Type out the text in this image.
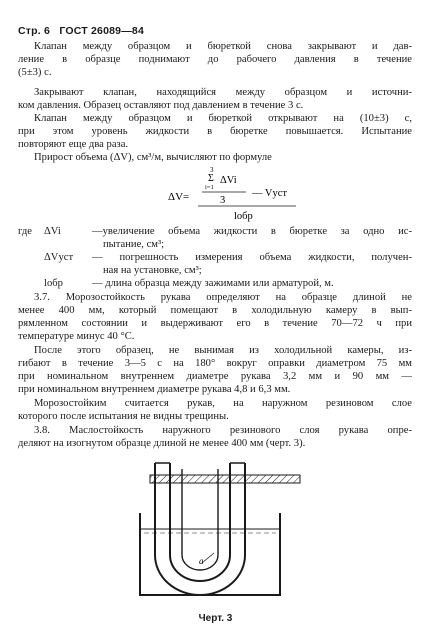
Стр. 6 ГОСТ 26089—84
Клапан между образцом и бюреткой снова закрывают и дав-
ление в образце поднимают до рабочего давления в течение
(5±3) с.
Закрывают клапан, находящийся между образцом и источни-
ком давления. Образец оставляют под давлением в течение 3 с.
Клапан между образцом и бюреткой открывают на (10±3) с,
при этом уровень жидкости в бюретке повышается. Испытание
повторяют еще два раза.
Прирост объема (ΔV), см³/м, вычисляют по формуле
ΔV=
3
Σ
i=1
ΔVi
3
— Vуст
lобр
где ΔVi	—увеличение объема жидкости в бюретке за одно ис-
пытание, см³;
ΔVуст — погрешность измерения объема жидкости, получен-
ная на установке, см³;
lобр	— длина образца между зажимами или арматурой, м.
3.7. Морозостойкость рукава определяют на образце длиной не
менее 400 мм, который помещают в холодильную камеру в вып-
рямленном состоянии и выдерживают его в течение 70—72 ч при
температуре минус 40 °С.
После этого образец, не вынимая из холодильной камеры, из-
гибают в течение 3—5 с на 180° вокруг оправки диаметром 75 мм
при номинальном внутреннем диаметре рукава 3,2 мм и 90 мм —
при номинальном внутреннем диаметре рукава 4,8 и 6,3 мм.
Морозостойким считается рукав, на наружном резиновом слое
которого после испытания не видны трещины.
3.8. Маслостойкость наружного резинового слоя рукава опре-
деляют на изогнутом образце длиной не менее 400 мм (черт. 3).
а
Черт. 3
